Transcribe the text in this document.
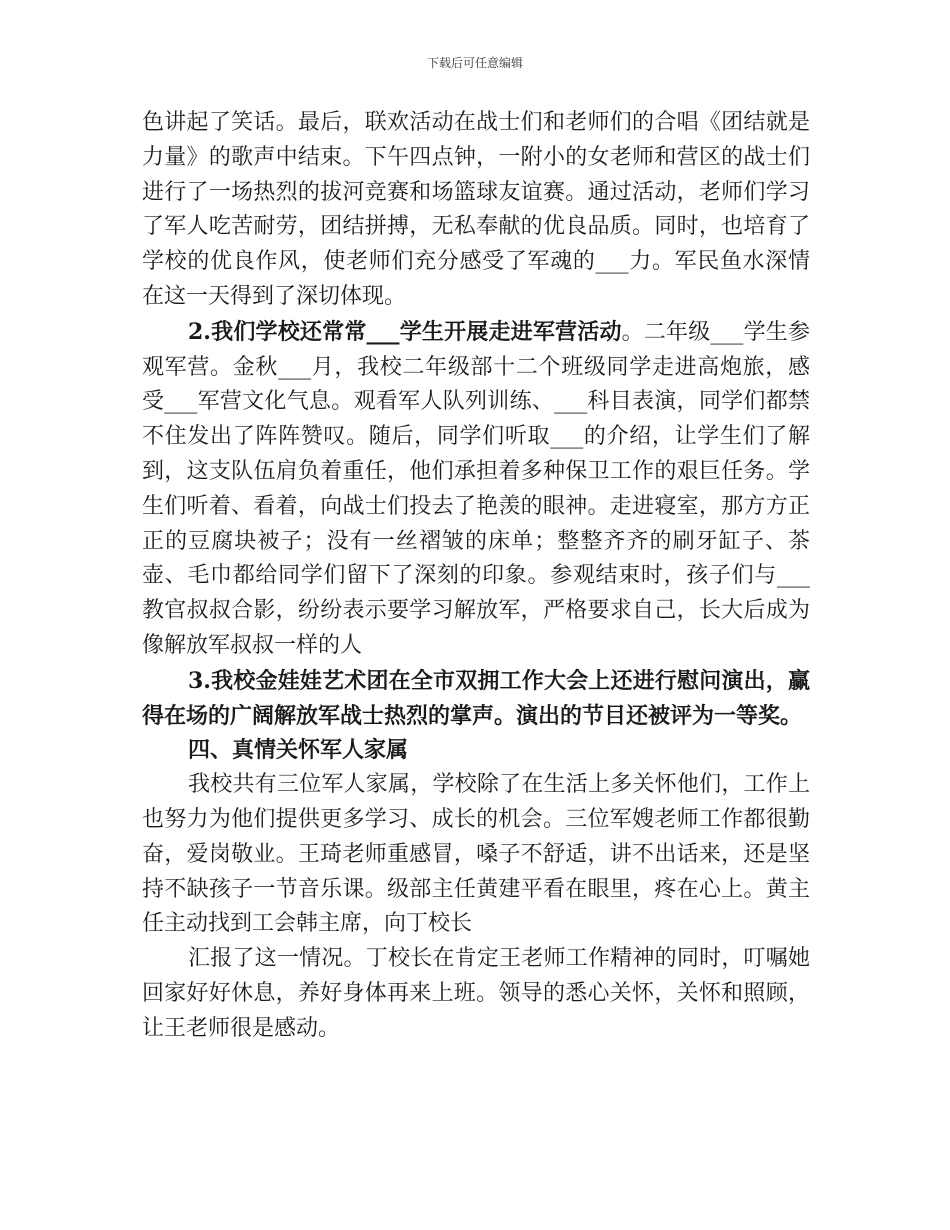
下载后可任意编辑

色讲起了笑话。最后，联欢活动在战士们和老师们的合唱《团结就是力量》的歌声中结束。下午四点钟，一附小的女老师和营区的战士们进行了一场热烈的拔河竞赛和场篮球友谊赛。通过活动，老师们学习了军人吃苦耐劳，团结拼搏，无私奉献的优良品质。同时，也培育了学校的优良作风，使老师们充分感受了军魂的___力。军民鱼水深情在这一天得到了深切体现。

2.我们学校还常常___学生开展走进军营活动。二年级___学生参观军营。金秋___月，我校二年级部十二个班级同学走进高炮旅，感受___军营文化气息。观看军人队列训练、___科目表演，同学们都禁不住发出了阵阵赞叹。随后，同学们听取___的介绍，让学生们了解到，这支队伍肩负着重任，他们承担着多种保卫工作的艰巨任务。学生们听着、看着，向战士们投去了艳羡的眼神。走进寝室，那方方正正的豆腐块被子；没有一丝褶皱的床单；整整齐齐的刷牙缸子、茶壶、毛巾都给同学们留下了深刻的印象。参观结束时，孩子们与___教官叔叔合影，纷纷表示要学习解放军，严格要求自己，长大后成为像解放军叔叔一样的人

3.我校金娃娃艺术团在全市双拥工作大会上还进行慰问演出，赢得在场的广阔解放军战士热烈的掌声。演出的节目还被评为一等奖。

四、真情关怀军人家属

我校共有三位军人家属，学校除了在生活上多关怀他们，工作上也努力为他们提供更多学习、成长的机会。三位军嫂老师工作都很勤奋，爱岗敬业。王琦老师重感冒，嗓子不舒适，讲不出话来，还是坚持不缺孩子一节音乐课。级部主任黄建平看在眼里，疼在心上。黄主任主动找到工会韩主席，向丁校长

汇报了这一情况。丁校长在肯定王老师工作精神的同时，叮嘱她回家好好休息，养好身体再来上班。领导的悉心关怀，关怀和照顾，让王老师很是感动。
